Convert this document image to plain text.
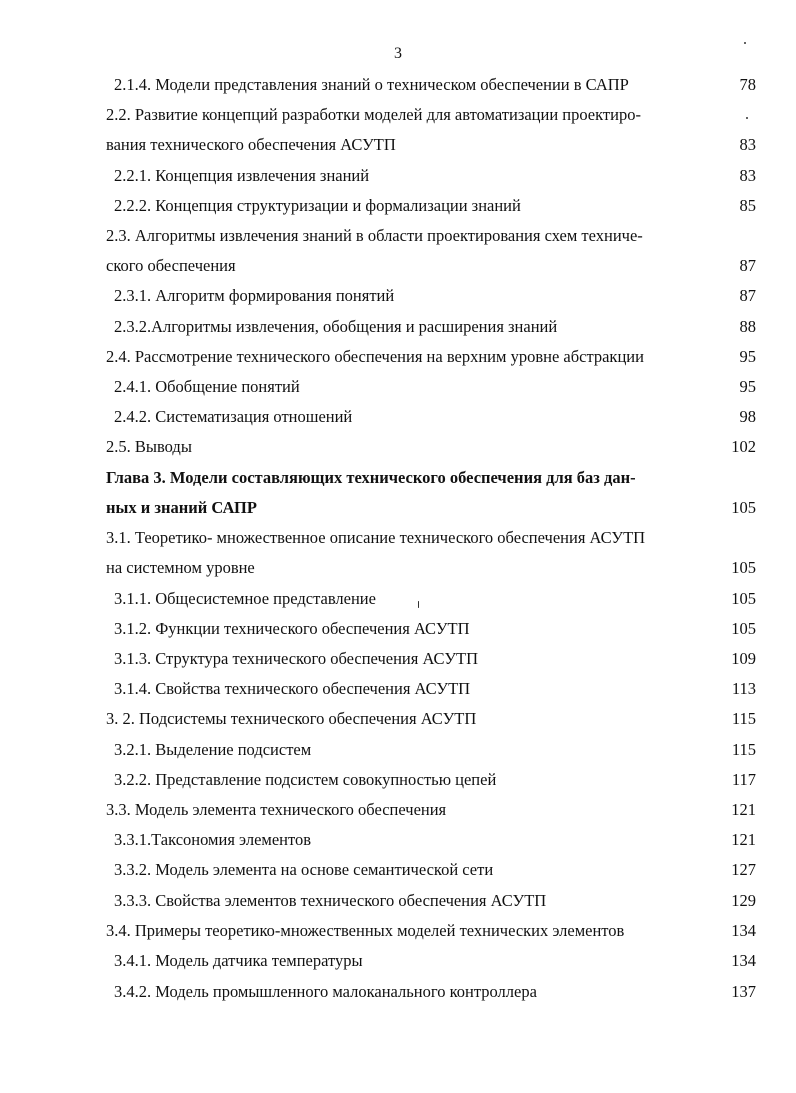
3
2.1.4. Модели представления знаний о техническом обеспечении в САПР	78
2.2. Развитие концепций разработки моделей для автоматизации проектиро-
вания технического обеспечения АСУТП	83
2.2.1. Концепция извлечения знаний	83
2.2.2. Концепция структуризации и формализации знаний	85
2.3. Алгоритмы извлечения знаний в области проектирования схем техниче-
ского обеспечения	87
2.3.1. Алгоритм формирования понятий	87
2.3.2.Алгоритмы извлечения, обобщения и расширения знаний	88
2.4. Рассмотрение технического обеспечения на верхним уровне абстракции	95
2.4.1. Обобщение понятий	95
2.4.2. Систематизация отношений	98
2.5. Выводы	102
Глава 3. Модели составляющих технического обеспечения для баз дан-
ных и знаний САПР	105
3.1. Теоретико- множественное описание технического обеспечения АСУТП
на системном уровне	105
3.1.1. Общесистемное представление	105
3.1.2. Функции технического обеспечения АСУТП	105
3.1.3. Структура технического обеспечения АСУТП	109
3.1.4. Свойства технического обеспечения АСУТП	113
3. 2. Подсистемы технического обеспечения АСУТП	115
3.2.1. Выделение подсистем	115
3.2.2. Представление подсистем совокупностью цепей	117
3.3. Модель элемента технического обеспечения	121
3.3.1.Таксономия элементов	121
3.3.2. Модель элемента на основе семантической сети	127
3.3.3. Свойства элементов технического обеспечения АСУТП	129
3.4. Примеры теоретико-множественных моделей технических элементов	134
3.4.1. Модель датчика температуры	134
3.4.2. Модель промышленного малоканального контроллера	137
